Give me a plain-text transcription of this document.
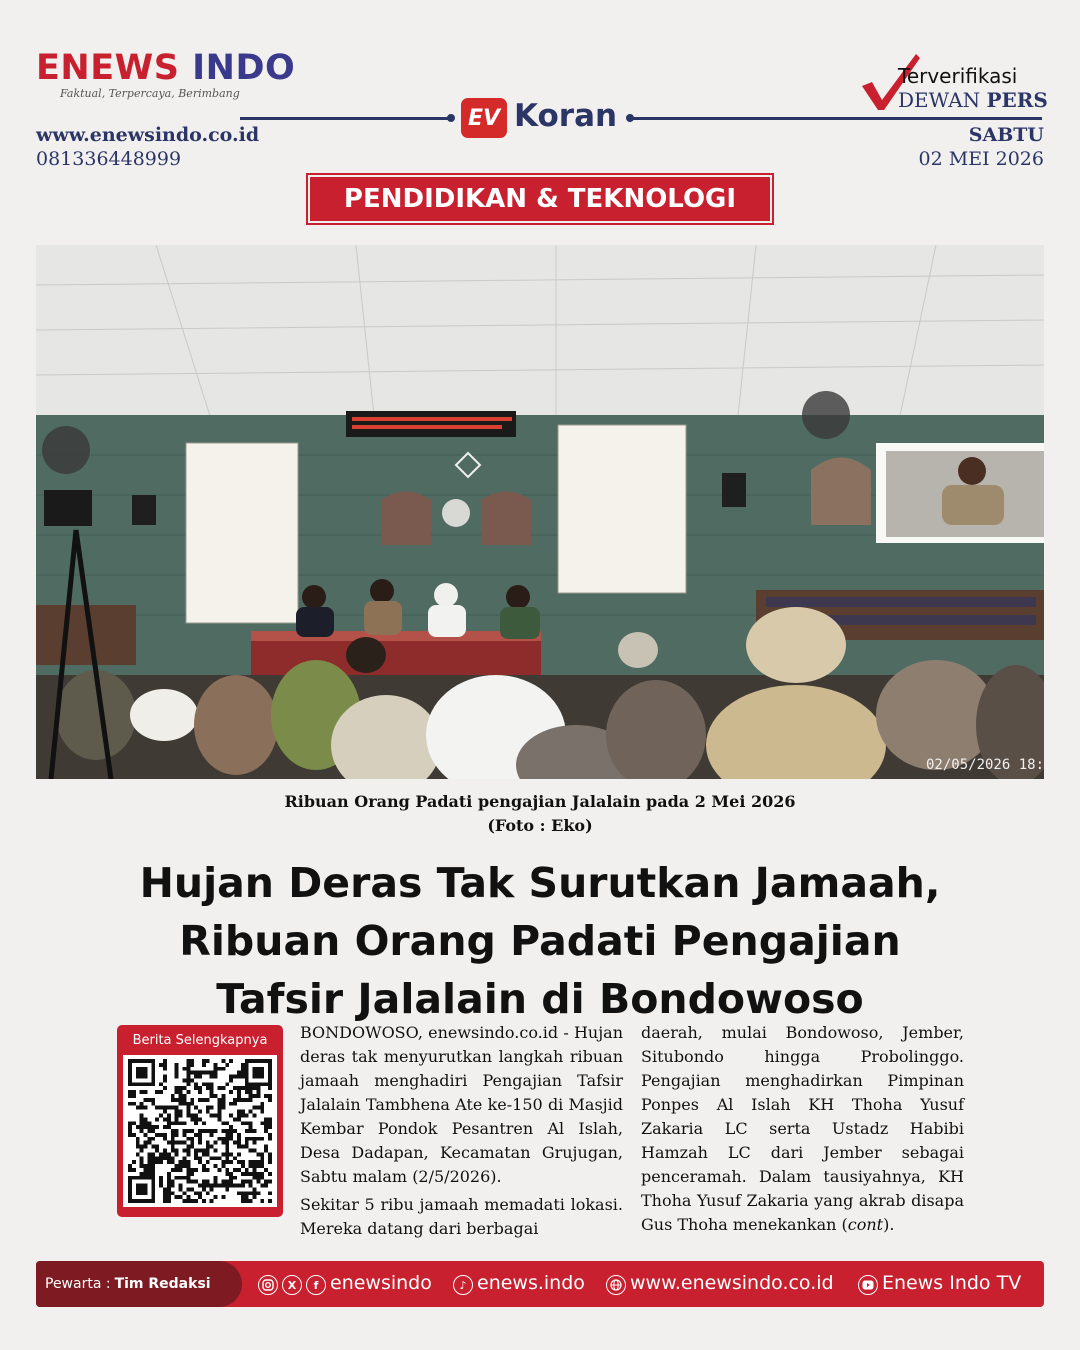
ENEWS INDO
Faktual, Terpercaya, Berimbang
www.enewsindo.co.id
081336448999
EV Koran
Terverifikasi
DEWAN PERS
SABTU
02 MEI 2026
PENDIDIKAN & TEKNOLOGI
02/05/2026 18:
Ribuan Orang Padati pengajian Jalalain pada 2 Mei 2026
(Foto : Eko)
Hujan Deras Tak Surutkan Jamaah,
Ribuan Orang Padati Pengajian
Tafsir Jalalain di Bondowoso
Berita Selengkapnya	BONDOWOSO, enewsindo.co.id - Hujan deras tak menyurutkan langkah ribuan jamaah menghadiri Pengajian Tafsir Jalalain Tambhena Ate ke-150 di Masjid Kembar Pondok Pesantren Al Islah, Desa Dadapan, Kecamatan Grujugan, Sabtu malam (2/5/2026).

Sekitar 5 ribu jamaah memadati lokasi. Mereka datang dari berbagai

daerah, mulai Bondowoso, Jember, Situbondo hingga Probolinggo. Pengajian menghadirkan Pimpinan Ponpes Al Islah KH Thoha Yusuf Zakaria LC serta Ustadz Habibi Hamzah LC dari Jember sebagai penceramah. Dalam tausiyahnya, KH Thoha Yusuf Zakaria yang akrab disapa Gus Thoha menekankan (cont).

Pewarta : Tim Redaksi	X	f enewsindo	♪ enews.indo www.enewsindo.co.id	Enews Indo TV
